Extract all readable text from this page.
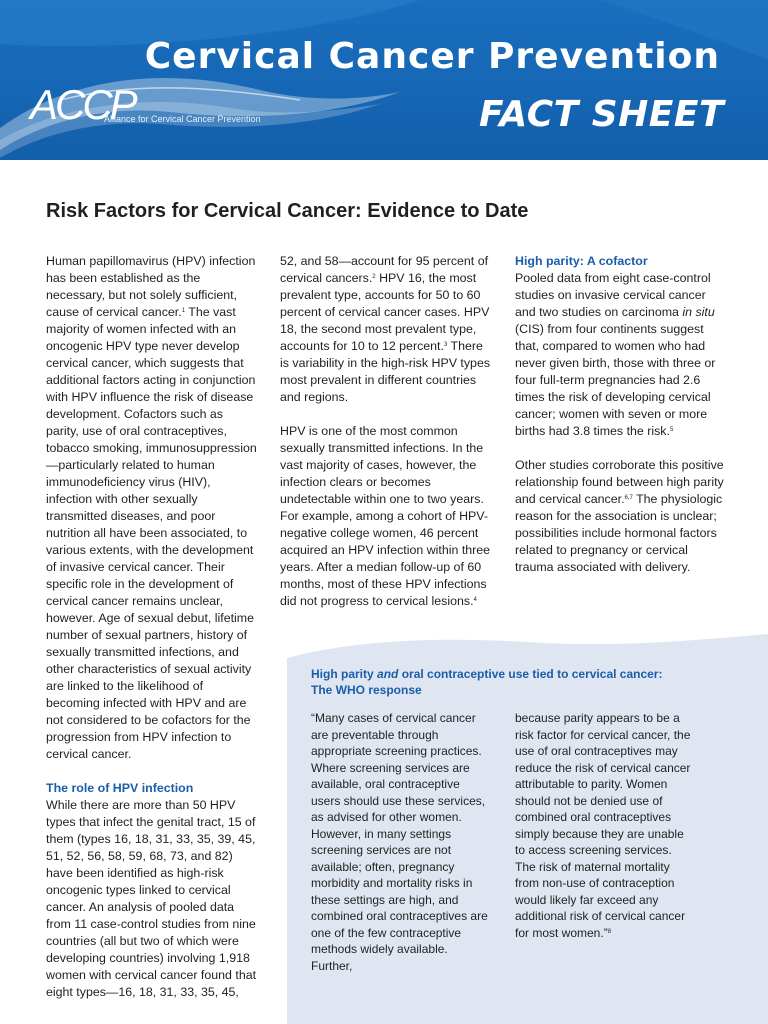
ACCP
Alliance for Cervical Cancer Prevention
Cervical Cancer Prevention
FACT SHEET
Risk Factors for Cervical Cancer: Evidence to Date

Human papillomavirus (HPV) infection has been established as the necessary, but not solely sufficient, cause of cervical cancer.$^1$ The vast majority of women infected with an oncogenic HPV type never develop cervical cancer, which suggests that additional factors acting in conjunction with HPV influence the risk of disease development. Cofactors such as parity, use of oral contraceptives, tobacco smoking, immunosuppression—particularly related to human immunodeficiency virus (HIV), infection with other sexually transmitted diseases, and poor nutrition all have been associated, to various extents, with the development of invasive cervical cancer. Their specific role in the development of cervical cancer remains unclear, however. Age of sexual debut, lifetime number of sexual partners, history of sexually transmitted infections, and other characteristics of sexual activity are linked to the likelihood of becoming infected with HPV and are not considered to be cofactors for the progression from HPV infection to cervical cancer.

The role of HPV infection

While there are more than 50 HPV types that infect the genital tract, 15 of them (types 16, 18, 31, 33, 35, 39, 45, 51, 52, 56, 58, 59, 68, 73, and 82) have been identified as high-risk oncogenic types linked to cervical cancer. An analysis of pooled data from 11 case-control studies from nine countries (all but two of which were developing countries) involving 1,918 women with cervical cancer found that eight types—16, 18, 31, 33, 35, 45,

52, and 58—account for 95 percent of cervical cancers.$^2$ HPV 16, the most prevalent type, accounts for 50 to 60 percent of cervical cancer cases. HPV 18, the second most prevalent type, accounts for 10 to 12 percent.$^3$ There is variability in the high-risk HPV types most prevalent in different countries and regions.

HPV is one of the most common sexually transmitted infections. In the vast majority of cases, however, the infection clears or becomes undetectable within one to two years. For example, among a cohort of HPV-negative college women, 46 percent acquired an HPV infection within three years. After a median follow-up of 60 months, most of these HPV infections did not progress to cervical lesions.$^4$

High parity: A cofactor

Pooled data from eight case-control studies on invasive cervical cancer and two studies on carcinoma in situ (CIS) from four continents suggest that, compared to women who had never given birth, those with three or four full-term pregnancies had 2.6 times the risk of developing cervical cancer; women with seven or more births had 3.8 times the risk.$^5$

Other studies corroborate this positive relationship found between high parity and cervical cancer.$^{6,7}$ The physiologic reason for the association is unclear; possibilities include hormonal factors related to pregnancy or cervical trauma associated with delivery.

High parity and oral contraceptive use tied to cervical cancer:
The WHO response

“Many cases of cervical cancer are preventable through appropriate screening practices. Where screening services are available, oral contraceptive users should use these services, as advised for other women. However, in many settings screening services are not available; often, pregnancy morbidity and mortality risks in these settings are high, and combined oral contraceptives are one of the few contraceptive methods widely available. Further,

because parity appears to be a risk factor for cervical cancer, the use of oral contraceptives may reduce the risk of cervical cancer attributable to parity. Women should not be denied use of combined oral contraceptives simply because they are unable to access screening services. The risk of maternal mortality from non-use of contraception would likely far exceed any additional risk of cervical cancer for most women.”$^8$
